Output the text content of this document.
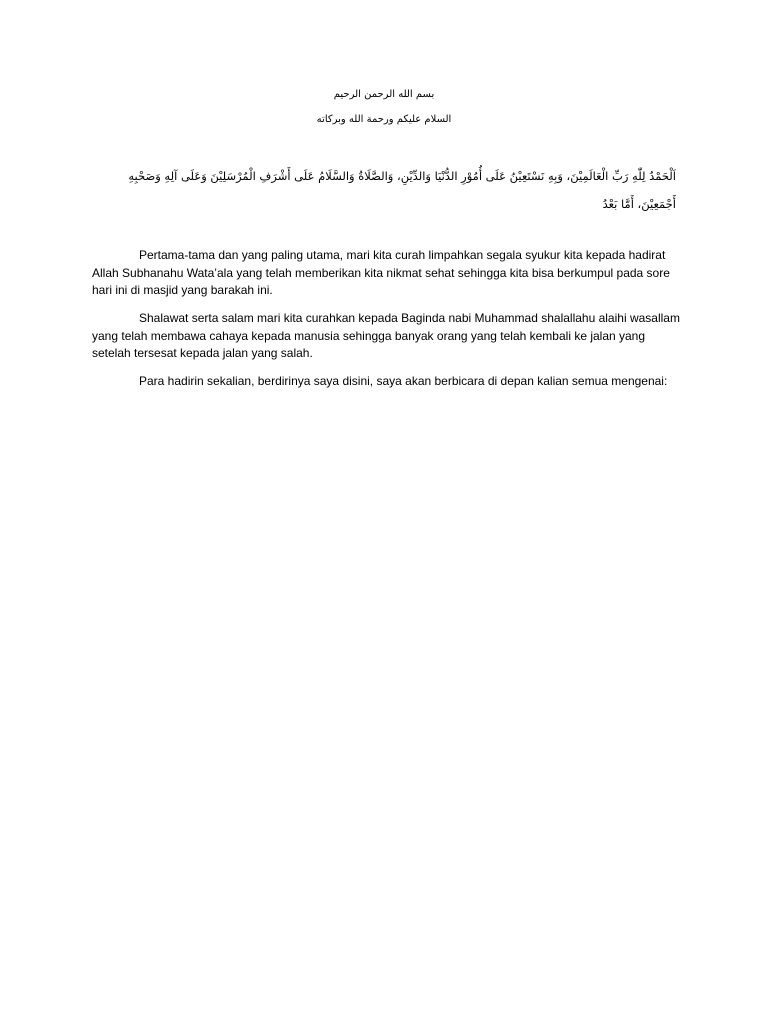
بسم الله الرحمن الرحيم
السلام عليكم ورحمة الله وبركاته
اَلْحَمْدُ لِلّٰهِ رَبِّ الْعَالَمِيْنَ، وَبِهِ نَسْتَعِيْنُ عَلَى أُمُوْرِ الدُّنْيَا وَالدِّيْنِ، وَالصَّلَاةُ وَالسَّلَامُ عَلَى أَشْرَفِ الْمُرْسَلِيْنَ وَعَلَى آلِهِ وَصَحْبِهِ أَجْمَعِيْنَ، أَمَّا بَعْدُ

Pertama-tama dan yang paling utama, mari kita curah limpahkan segala syukur kita kepada hadirat Allah Subhanahu Wata’ala yang telah memberikan kita nikmat sehat sehingga kita bisa berkumpul pada sore hari ini di masjid yang barakah ini.

Shalawat serta salam mari kita curahkan kepada Baginda nabi Muhammad shalallahu alaihi wasallam yang telah membawa cahaya kepada manusia sehingga banyak orang yang telah kembali ke jalan yang setelah tersesat kepada jalan yang salah.

Para hadirin sekalian, berdirinya saya disini, saya akan berbicara di depan kalian semua mengenai:
